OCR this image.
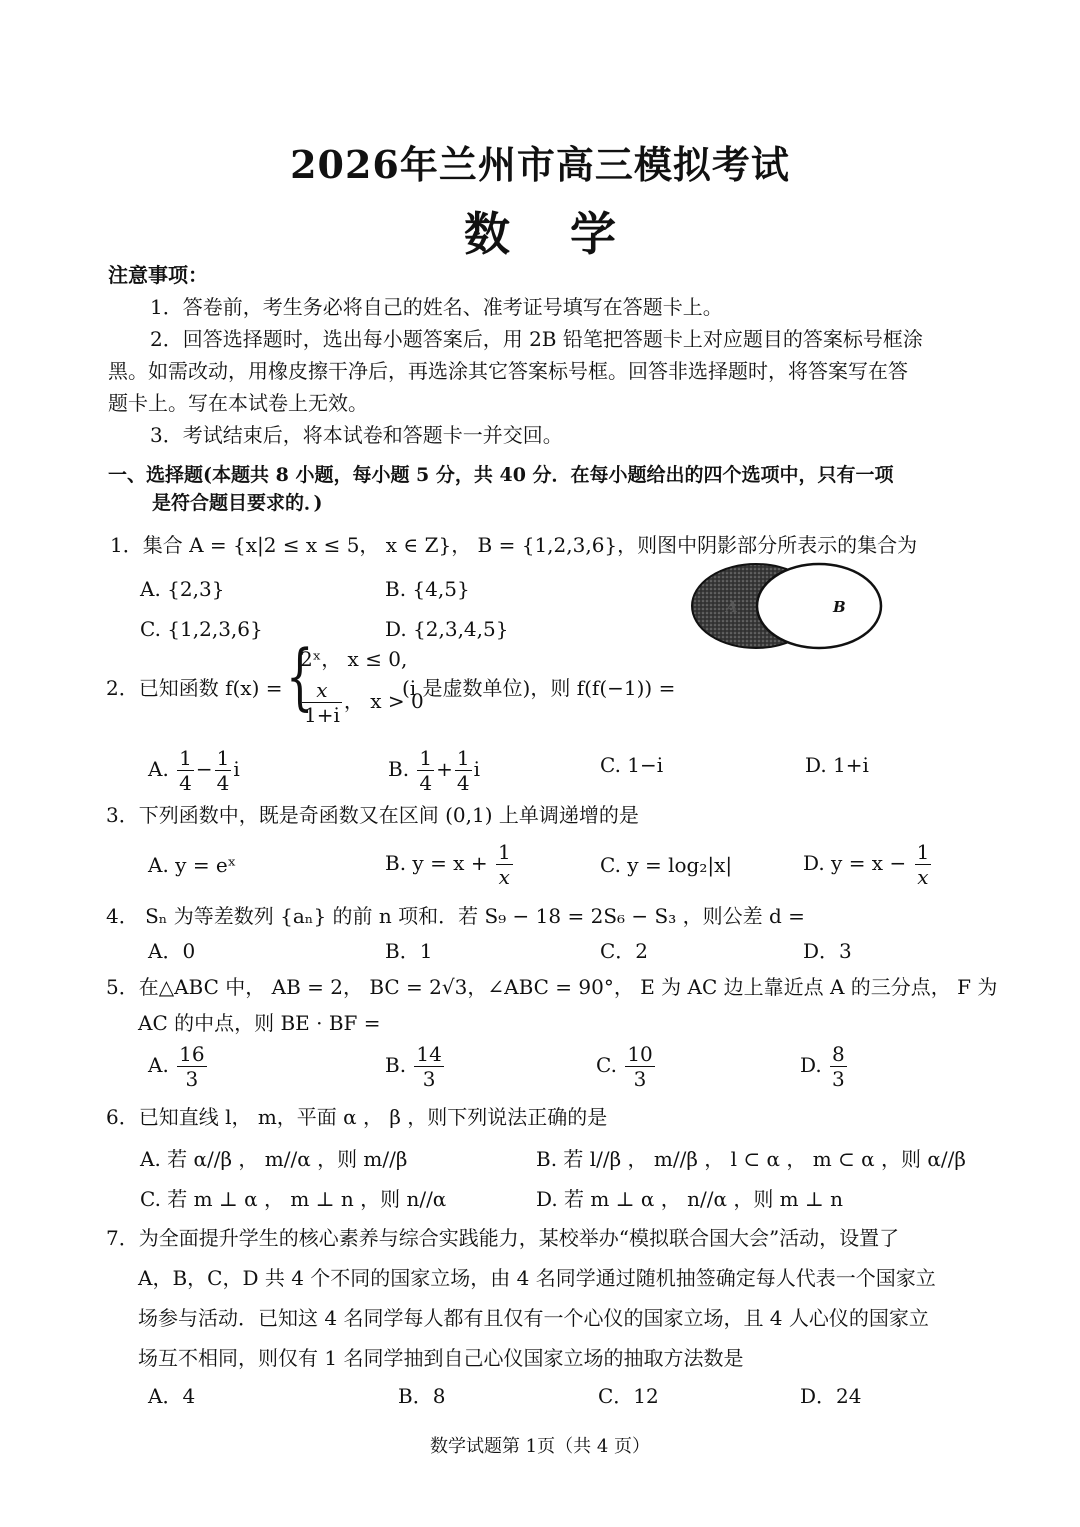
2026年兰州市高三模拟考试
数学
注意事项：
1．答卷前，考生务必将自己的姓名、准考证号填写在答题卡上。
2．回答选择题时，选出每小题答案后，用 2B 铅笔把答题卡上对应题目的答案标号框涂
黑。如需改动，用橡皮擦干净后，再选涂其它答案标号框。回答非选择题时，将答案写在答
题卡上。写在本试卷上无效。
3．考试结束后，将本试卷和答题卡一并交回。
一、选择题(本题共 8 小题，每小题 5 分，共 40 分．在每小题给出的四个选项中，只有一项
是符合题目要求的．)
1．集合 A = {x|2 ≤ x ≤ 5， x ∈ Z}， B = {1,2,3,6}，则图中阴影部分所表示的集合为
A. {2,3}	B. {4,5}
C. {1,2,3,6}	D. {2,3,4,5}
A	B
2．已知函数 f(x) = {
2ˣ， x ≤ 0,
$\frac{x}{1+i}$ ， x > 0
(i 是虚数单位)，则 f(f(−1)) =
A. $\frac{1}{4} - \frac{1}{4}$ i	B. $\frac{1}{4} + \frac{1}{4}$ i	C. 1−i	D. 1+i
3．下列函数中，既是奇函数又在区间 (0,1) 上单调递增的是
A. y = eˣ	B. $y = x + \frac{1}{x}$	C. y = log₂|x|	D. $y = x - \frac{1}{x}$
4． Sₙ 为等差数列 {aₙ} 的前 n 项和．若 S₉ − 18 = 2S₆ − S₃ ，则公差 d =
A．0	B．1	C．2	D．3
5．在△ABC 中， AB = 2， BC = 2√3，∠ABC = 90°， E 为 AC 边上靠近点 A 的三分点， F 为
AC 的中点，则 BE · BF =
A. $\frac{16}{3}$	B. $\frac{14}{3}$	C. $\frac{10}{3}$	D. $\frac{8}{3}$
6．已知直线 l， m，平面 α ， β ，则下列说法正确的是
A. 若 α//β ， m//α ，则 m//β	B. 若 l//β ， m//β ， l ⊂ α ， m ⊂ α ，则 α//β
C. 若 m ⊥ α ， m ⊥ n ，则 n//α	D. 若 m ⊥ α ， n//α ，则 m ⊥ n
7．为全面提升学生的核心素养与综合实践能力，某校举办“模拟联合国大会”活动，设置了
A，B，C，D 共 4 个不同的国家立场，由 4 名同学通过随机抽签确定每人代表一个国家立
场参与活动．已知这 4 名同学每人都有且仅有一个心仪的国家立场，且 4 人心仪的国家立
场互不相同，则仅有 1 名同学抽到自己心仪国家立场的抽取方法数是
A．4	B．8	C．12	D．24
数学试题第 1页（共 4 页）
